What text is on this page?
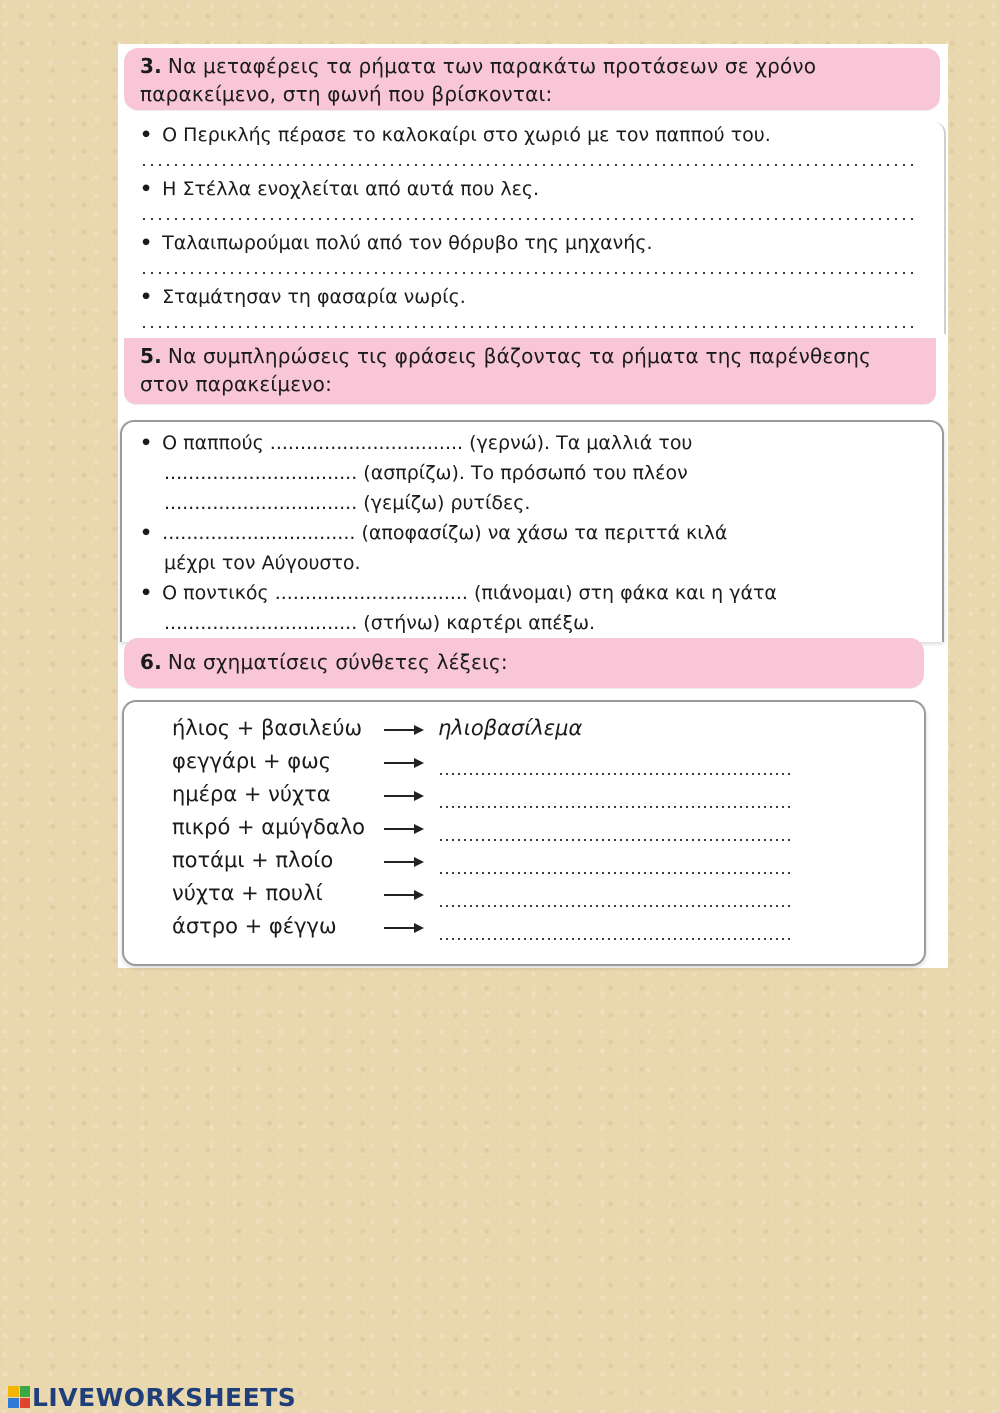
3. Να μεταφέρεις τα ρήματα των παρακάτω προτάσεων σε χρόνο
παρακείμενο, στη φωνή που βρίσκονται:
• Ο Περικλής πέρασε το καλοκαίρι στο χωριό με τον παππού του.
• Η Στέλλα ενοχλείται από αυτά που λες.
• Ταλαιπωρούμαι πολύ από τον θόρυβο της μηχανής.
• Σταμάτησαν τη φασαρία νωρίς.
5. Να συμπληρώσεις τις φράσεις βάζοντας τα ρήματα της παρένθεσης
στον παρακείμενο:
• Ο παππούς ................................ (γερνώ). Τα μαλλιά του
................................ (ασπρίζω). Το πρόσωπό του πλέον
................................ (γεμίζω) ρυτίδες.
• ................................ (αποφασίζω) να χάσω τα περιττά κιλά
μέχρι τον Αύγουστο.
• Ο ποντικός ................................ (πιάνομαι) στη φάκα και η γάτα
................................ (στήνω) καρτέρι απέξω.
6. Να σχηματίσεις σύνθετες λέξεις:
ήλιος + βασιλεύω	ηλιοβασίλεμα
φεγγάρι + φως
ημέρα + νύχτα
πικρό + αμύγδαλο
ποτάμι + πλοίο
νύχτα + πουλί
άστρο + φέγγω
LIVEWORKSHEETS
